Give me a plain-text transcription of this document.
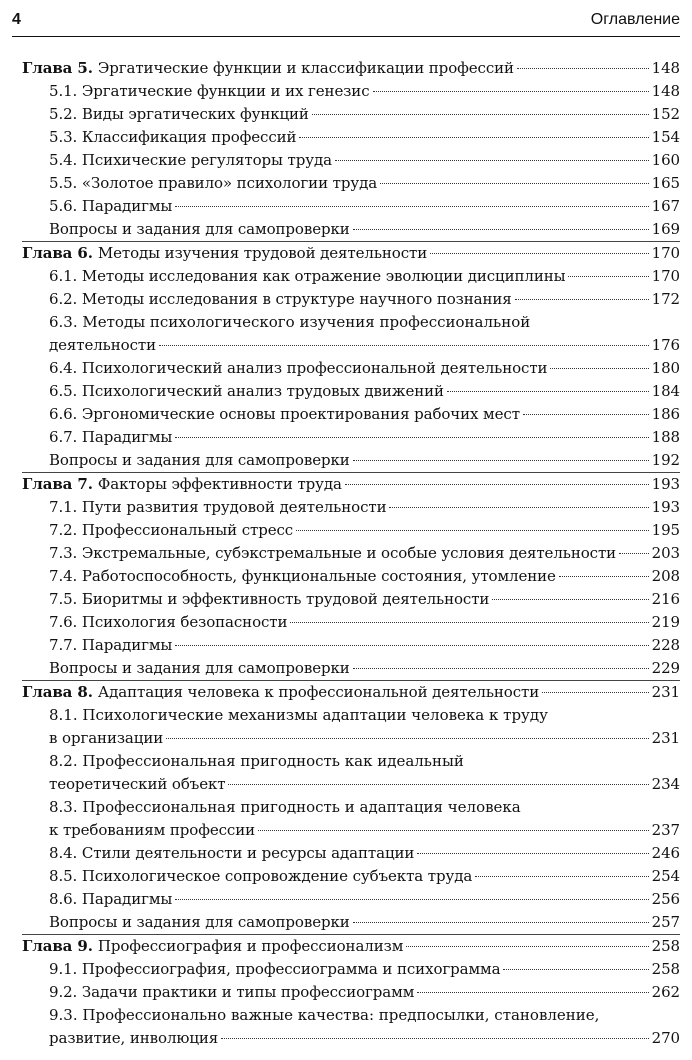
4	Оглавление
Глава 5. Эргатические функции и классификации профессий	148
5.1. Эргатические функции и их генезис	148
5.2. Виды эргатических функций	152
5.3. Классификация профессий	154
5.4. Психические регуляторы труда	160
5.5. «Золотое правило» психологии труда	165
5.6. Парадигмы	167
Вопросы и задания для самопроверки	169
Глава 6. Методы изучения трудовой деятельности	170
6.1. Методы исследования как отражение эволюции дисциплины	170
6.2. Методы исследования в структуре научного познания	172
6.3. Методы психологического изучения профессиональной
деятельности	176
6.4. Психологический анализ профессиональной деятельности	180
6.5. Психологический анализ трудовых движений	184
6.6. Эргономические основы проектирования рабочих мест	186
6.7. Парадигмы	188
Вопросы и задания для самопроверки	192
Глава 7. Факторы эффективности труда	193
7.1. Пути развития трудовой деятельности	193
7.2. Профессиональный стресс	195
7.3. Экстремальные, субэкстремальные и особые условия деятельности 203
7.4. Работоспособность, функциональные состояния, утомление	208
7.5. Биоритмы и эффективность трудовой деятельности	216
7.6. Психология безопасности	219
7.7. Парадигмы	228
Вопросы и задания для самопроверки	229
Глава 8. Адаптация человека к профессиональной деятельности	231
8.1. Психологические механизмы адаптации человека к труду
в организации	231
8.2. Профессиональная пригодность как идеальный
теоретический объект	234
8.3. Профессиональная пригодность и адаптация человека
к требованиям профессии	237
8.4. Стили деятельности и ресурсы адаптации	246
8.5. Психологическое сопровождение субъекта труда	254
8.6. Парадигмы	256
Вопросы и задания для самопроверки	257
Глава 9. Профессиография и профессионализм	258
9.1. Профессиография, профессиограмма и психограмма	258
9.2. Задачи практики и типы профессиограмм	262
9.3. Профессионально важные качества: предпосылки, становление,
развитие, инволюция	270
